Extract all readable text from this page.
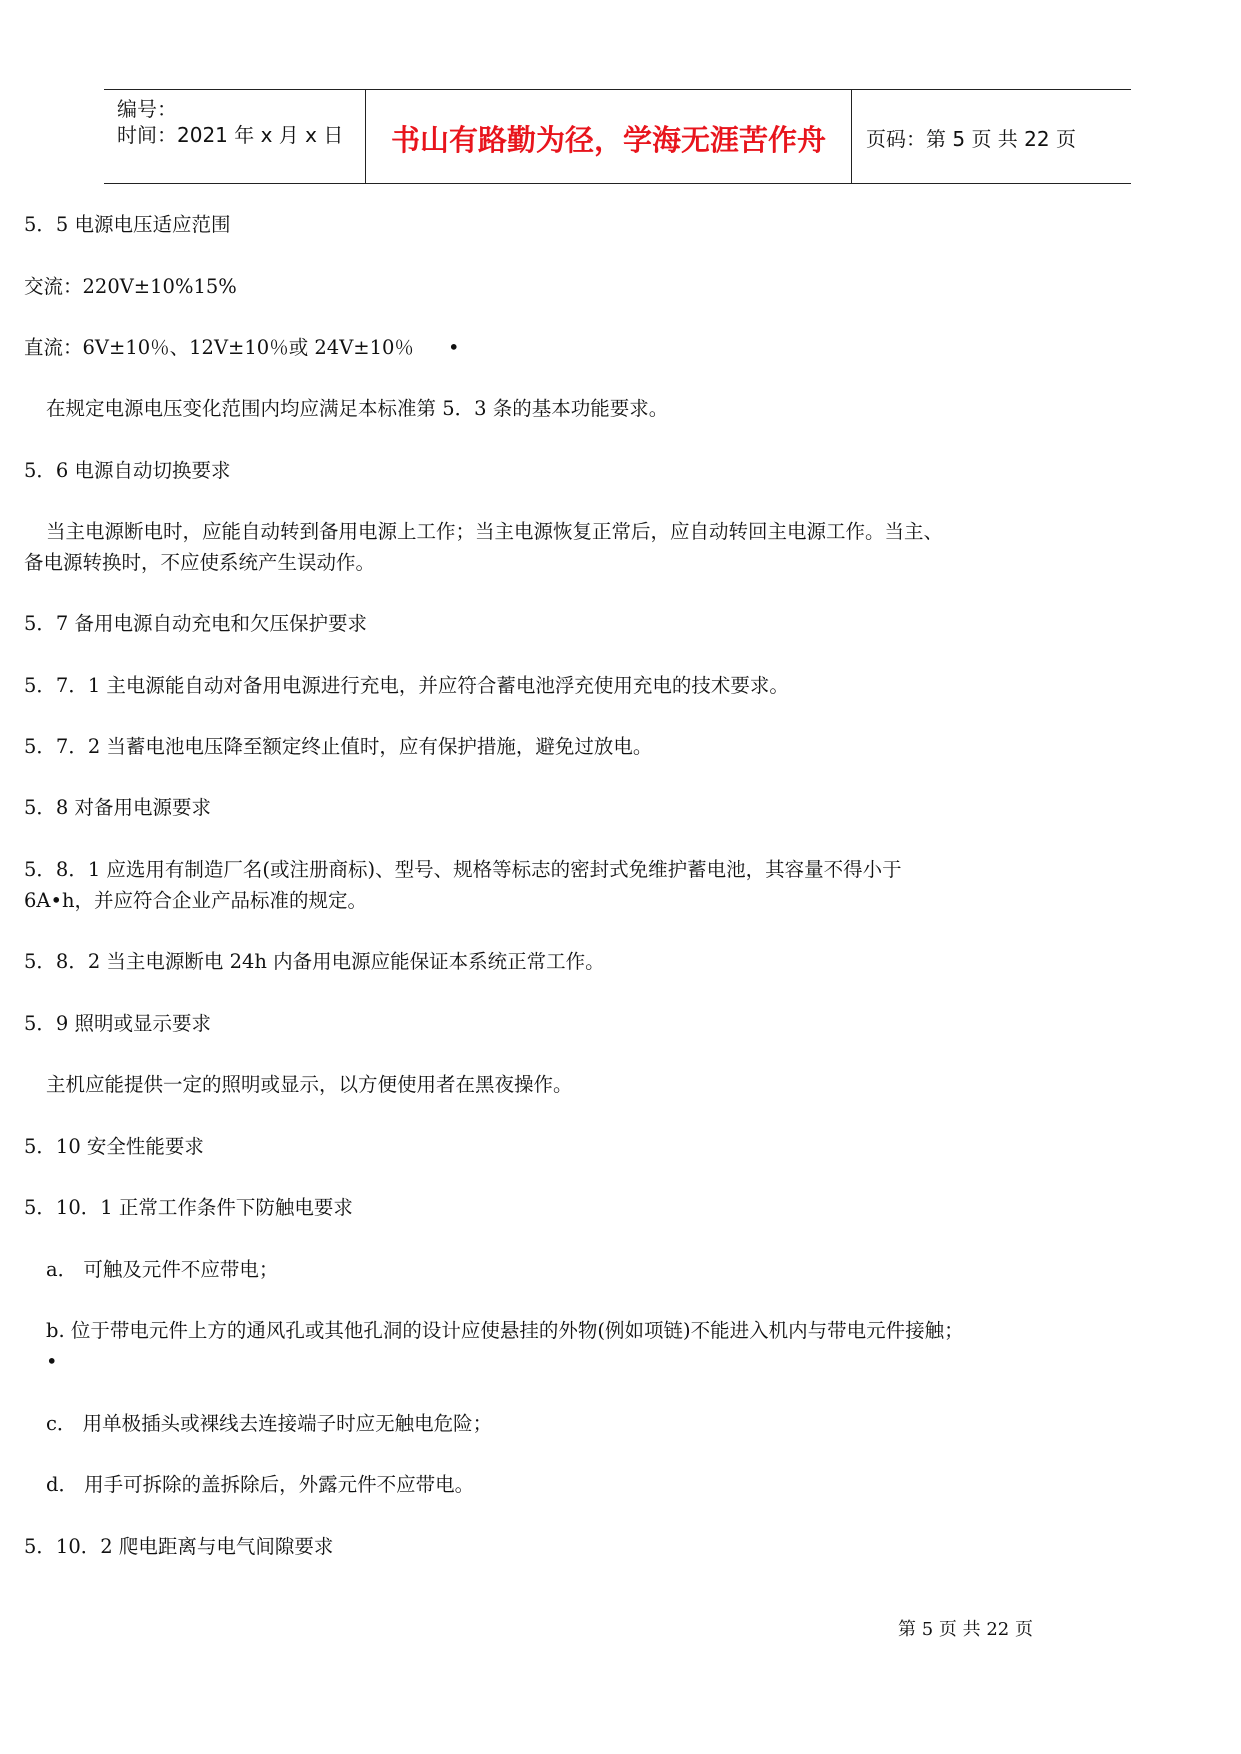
编号：
时间：2021 年 x 月 x 日	书山有路勤为径，学海无涯苦作舟	页码：第 5 页 共 22 页
5．5 电源电压适应范围
交流：220V±10%15%
直流：6V±10％、12V±10％或 24V±10％ •
在规定电源电压变化范围内均应满足本标准第 5．3 条的基本功能要求。
5．6 电源自动切换要求
当主电源断电时，应能自动转到备用电源上工作；当主电源恢复正常后，应自动转回主电源工作。当主、
备电源转换时，不应使系统产生误动作。
5．7 备用电源自动充电和欠压保护要求
5．7．1 主电源能自动对备用电源进行充电，并应符合蓄电池浮充使用充电的技术要求。
5．7．2 当蓄电池电压降至额定终止值时，应有保护措施，避免过放电。
5．8 对备用电源要求
5．8．1 应选用有制造厂名(或注册商标)、型号、规格等标志的密封式免维护蓄电池，其容量不得小于
6A•h，并应符合企业产品标准的规定。
5．8．2 当主电源断电 24h 内备用电源应能保证本系统正常工作。
5．9 照明或显示要求
主机应能提供一定的照明或显示，以方便使用者在黑夜操作。
5．10 安全性能要求
5．10．1 正常工作条件下防触电要求
a． 可触及元件不应带电；
b. 位于带电元件上方的通风孔或其他孔洞的设计应使悬挂的外物(例如项链)不能进入机内与带电元件接触；
•
c． 用单极插头或裸线去连接端子时应无触电危险；
d． 用手可拆除的盖拆除后，外露元件不应带电。
5．10．2 爬电距离与电气间隙要求
第 5 页 共 22 页
